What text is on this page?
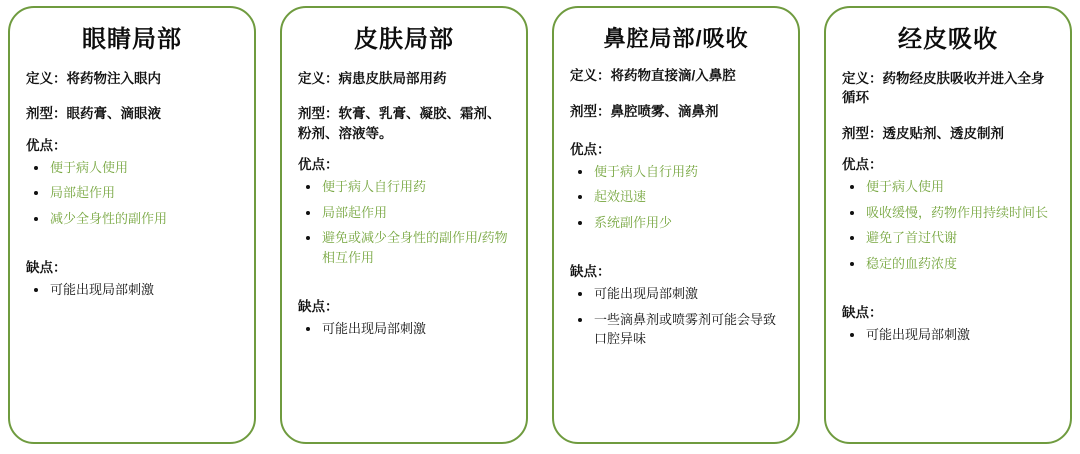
眼睛局部
定义：将药物注入眼内
剂型：眼药膏、滴眼液
优点：
便于病人使用
局部起作用
减少全身性的副作用
缺点：
可能出现局部刺激
皮肤局部
定义：病患皮肤局部用药
剂型：软膏、乳膏、凝胶、霜剂、粉剂、溶液等。
优点：
便于病人自行用药
局部起作用
避免或减少全身性的副作用/药物相互作用
缺点：
可能出现局部刺激
鼻腔局部/吸收
定义：将药物直接滴/入鼻腔
剂型：鼻腔喷雾、滴鼻剂
优点：
便于病人自行用药
起效迅速
系统副作用少
缺点：
可能出现局部刺激
一些滴鼻剂或喷雾剂可能会导致口腔异味
经皮吸收
定义：药物经皮肤吸收并进入全身循环
剂型：透皮贴剂、透皮制剂
优点：
便于病人使用
吸收缓慢，药物作用持续时间长
避免了首过代谢
稳定的血药浓度
缺点：
可能出现局部刺激
